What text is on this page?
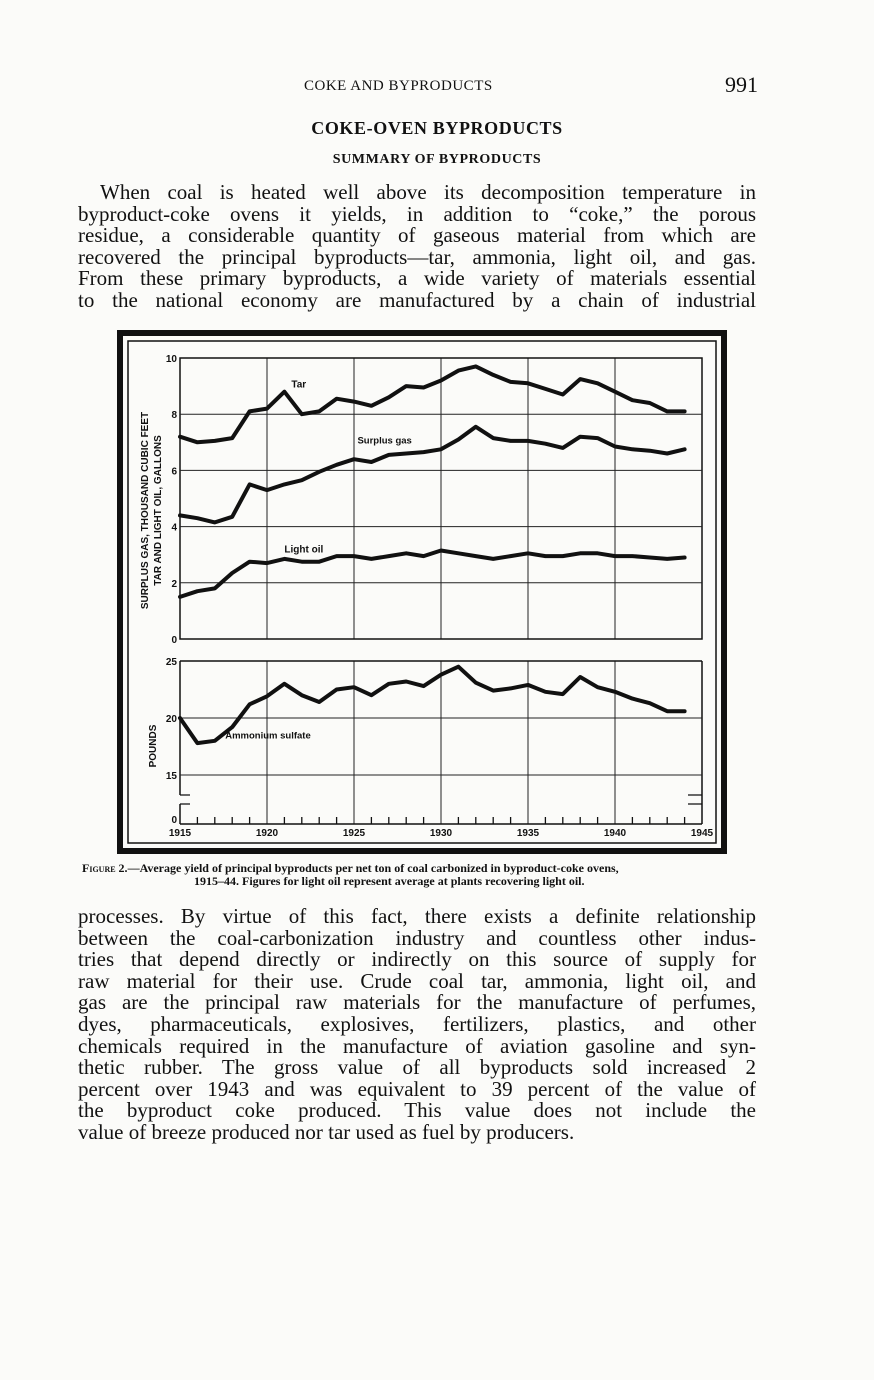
COKE AND BYPRODUCTS	991
COKE-OVEN BYPRODUCTS
SUMMARY OF BYPRODUCTS
When coal is heated well above its decomposition temperature in
byproduct-coke ovens it yields, in addition to “coke,” the porous
residue, a considerable quantity of gaseous material from which are
recovered the principal byproducts—tar, ammonia, light oil, and gas.
From these primary byproducts, a wide variety of materials essential
to the national economy are manufactured by a chain of industrial
Tar
Surplus gas
Light oil
Ammonium sulfate
0
2
4
6
8
10
0
15
20
25
1915	1920	1925	1930	1935	1940	1945
SURPLUS GAS, THOUSAND CUBIC FEET TAR AND LIGHT OIL, GALLONS
POUNDS
Figure 2.—Average yield of principal byproducts per net ton of coal carbonized in byproduct-coke ovens,
1915–44. Figures for light oil represent average at plants recovering light oil.
processes. By virtue of this fact, there exists a definite relationship
between the coal-carbonization industry and countless other indus-
tries that depend directly or indirectly on this source of supply for
raw material for their use. Crude coal tar, ammonia, light oil, and
gas are the principal raw materials for the manufacture of perfumes,
dyes, pharmaceuticals, explosives, fertilizers, plastics, and other
chemicals required in the manufacture of aviation gasoline and syn-
thetic rubber. The gross value of all byproducts sold increased 2
percent over 1943 and was equivalent to 39 percent of the value of
the byproduct coke produced. This value does not include the
value of breeze produced nor tar used as fuel by producers.
